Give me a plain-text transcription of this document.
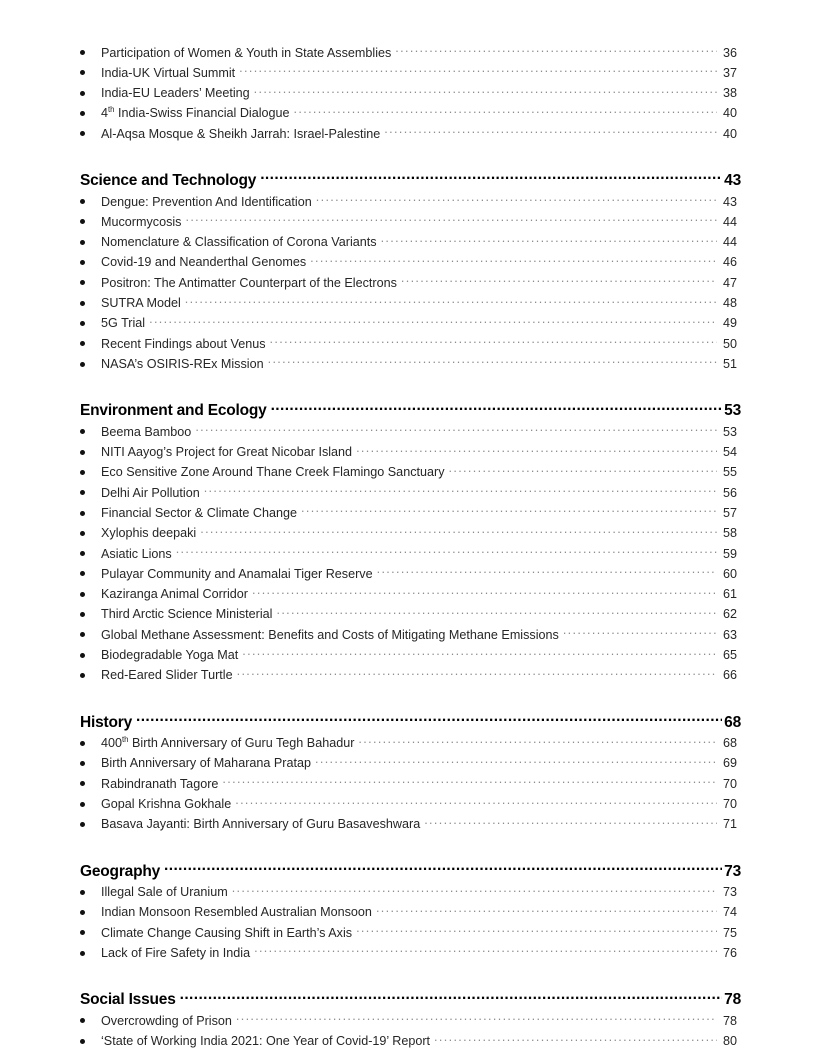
Participation of Women & Youth in State Assemblies .....	36
India-UK Virtual Summit .....	37
India-EU Leaders’ Meeting .....	38
4th India-Swiss Financial Dialogue .....	40
Al-Aqsa Mosque & Sheikh Jarrah: Israel-Palestine .....	40
Science and Technology .....	43
Dengue: Prevention And Identification .....	43
Mucormycosis .....	44
Nomenclature & Classification of Corona Variants .....	44
Covid-19 and Neanderthal Genomes .....	46
Positron: The Antimatter Counterpart of the Electrons .....	47
SUTRA Model .....	48
5G Trial .....	49
Recent Findings about Venus .....	50
NASA’s OSIRIS-REx Mission .....	51
Environment and Ecology .....	53
Beema Bamboo .....	53
NITI Aayog’s Project for Great Nicobar Island .....	54
Eco Sensitive Zone Around Thane Creek Flamingo Sanctuary .....	55
Delhi Air Pollution .....	56
Financial Sector & Climate Change .....	57
Xylophis deepaki .....	58
Asiatic Lions .....	59
Pulayar Community and Anamalai Tiger Reserve .....	60
Kaziranga Animal Corridor .....	61
Third Arctic Science Ministerial .....	62
Global Methane Assessment: Benefits and Costs of Mitigating Methane Emissions .....	63
Biodegradable Yoga Mat .....	65
Red-Eared Slider Turtle .....	66
History .....	68
400th Birth Anniversary of Guru Tegh Bahadur .....	68
Birth Anniversary of Maharana Pratap .....	69
Rabindranath Tagore .....	70
Gopal Krishna Gokhale .....	70
Basava Jayanti: Birth Anniversary of Guru Basaveshwara .....	71
Geography .....	73
Illegal Sale of Uranium .....	73
Indian Monsoon Resembled Australian Monsoon .....	74
Climate Change Causing Shift in Earth’s Axis .....	75
Lack of Fire Safety in India .....	76
Social Issues .....	78
Overcrowding of Prison .....	78
‘State of Working India 2021: One Year of Covid-19’ Report .....	80
